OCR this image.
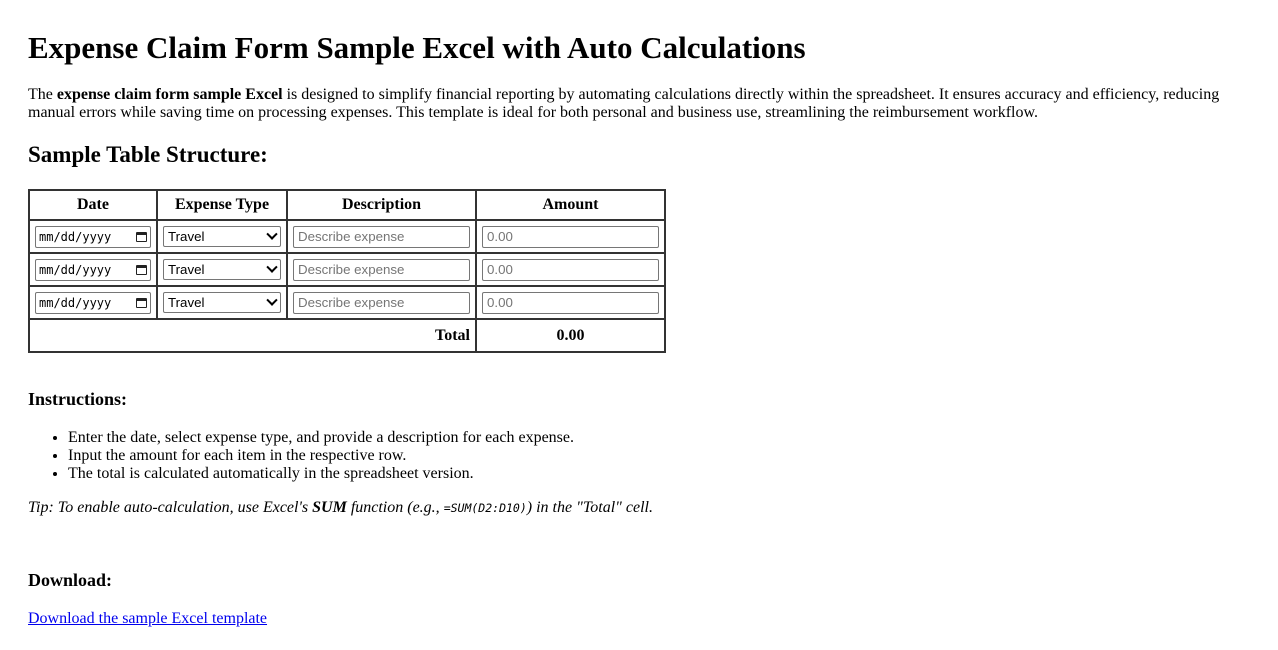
Expense Claim Form Sample Excel with Auto Calculations

The expense claim form sample Excel is designed to simplify financial reporting by automating calculations directly within the spreadsheet. It ensures accuracy and efficiency, reducing manual errors while saving time on processing expenses. This template is ideal for both personal and business use, streamlining the reimbursement workflow.

Sample Table Structure:
Date	Expense Type	Description	Amount

mm/dd/yyyy	Travel	Describe expense	0.00

mm/dd/yyyy	Travel	Describe expense	0.00

mm/dd/yyyy	Travel	Describe expense	0.00

Total			0.00
Instructions:
• Enter the date, select expense type, and provide a description for each expense.
• Input the amount for each item in the respective row.
• The total is calculated automatically in the spreadsheet version.

Tip: To enable auto-calculation, use Excel's SUM function (e.g., =SUM(D2:D10)) in the "Total" cell.

Download:
Download the sample Excel template
